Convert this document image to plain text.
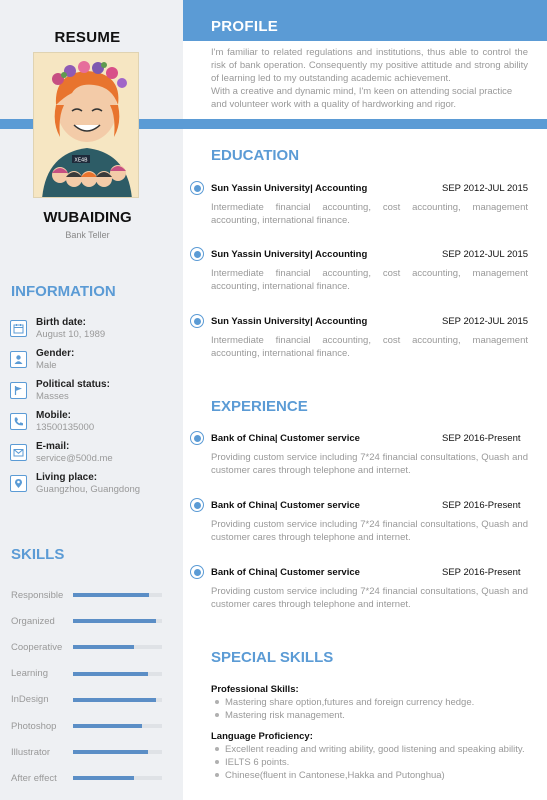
RESUME
XE4B
WUBAIDING
Bank Teller
INFORMATION
Birth date:
August 10, 1989
Gender:
Male
Political status:
Masses
Mobile:
13500135000
E-mail:
service@500d.me
Living place:
Guangzhou, Guangdong
SKILLS
Responsible
Organized
Cooperative
Learning
InDesign
Photoshop
Illustrator
After effect
PROFILE
I'm familiar to related regulations and institutions, thus able to control the risk of bank operation. Consequently my positive attitude and strong ability of learning led to my outstanding academic achievement.
With a creative and dynamic mind, I'm keen on attending social practice and volunteer work with a quality of hardworking and rigor.
EDUCATION
Sun Yassin University| Accounting	SEP 2012-JUL 2015
Intermediate financial accounting, cost accounting, management accounting, international finance.
Sun Yassin University| Accounting	SEP 2012-JUL 2015
Intermediate financial accounting, cost accounting, management accounting, international finance.
Sun Yassin University| Accounting	SEP 2012-JUL 2015
Intermediate financial accounting, cost accounting, management accounting, international finance.
EXPERIENCE
Bank of China| Customer service	SEP 2016-Present
Providing custom service including 7*24 financial consultations, Quash and customer cares through telephone and internet.
Bank of China| Customer service	SEP 2016-Present
Providing custom service including 7*24 financial consultations, Quash and customer cares through telephone and internet.
Bank of China| Customer service	SEP 2016-Present
Providing custom service including 7*24 financial consultations, Quash and customer cares through telephone and internet.
SPECIAL SKILLS
Professional Skills:
Mastering share option,futures and foreign currency hedge.
Mastering risk management.
Language Proficiency:
Excellent reading and writing ability, good listening and speaking ability.
IELTS 6 points.
Chinese(fluent in Cantonese,Hakka and Putonghua)
